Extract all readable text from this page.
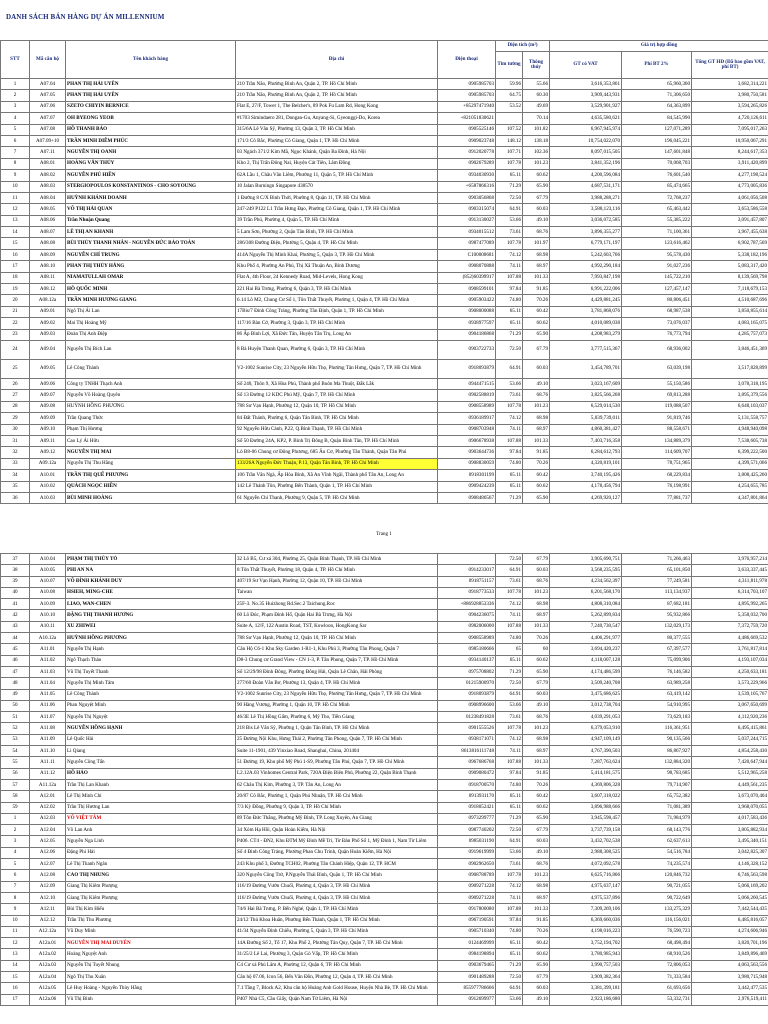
DANH SÁCH BÁN HÀNG DỰ ÁN MILLENNIUM
STT	Mã căn hộ	Tên khách hàng	Địa chỉ	Điện thoại	Diện tích (m²)		Giá trị hợp đồng		
					Tim tường	Thông thủy	GT có VAT	Phí BT 2%	Tổng GT HĐ (Đã bao gồm VAT, phí BT)
1	A07.04	PHAN THỊ HẢI UYÊN	210 Trần Não, Phường Bình An, Quận 2, TP. Hồ Chí Minh	0905985703	59.96	55.66	3,616,353,861	65,960,360	3,682,314,221
2	A07.05	PHAN THỊ HẢI UYÊN	210 Trần Não, Phường Bình An, Quận 2, TP. Hồ Chí Minh	0905985703	64.75	60.30	3,909,443,931	71,306,650	3,980,750,581
3	A07.06	SZETO CHIYIN BERNICE	Flat E, 27/F, Tower 1, The Belcher's, 89 Pok Fu Lam Rd, Hong Kong	+85297471940	53.52	49.69	3,529,901,927	64,363,899	3,594,265,826
4	A07.07	OH BYEONG YEOB	#1703 Simindaero 281, Dongan-Gu, Anyang-Si, Gyeonggi-Do, Korea	+821051830621		70.14	4,635,580,621	84,545,990	4,720,126,611
5	A07.08	HỒ THANH BẢO	315/6A Lê Văn Sỹ, Phường 13, Quận 3, TP. Hồ Chí Minh	0905525146	107.52	101.82	6,967,945,974	127,071,289	7,095,017,263
6	A07.09+10	TRẦN MINH DIỄM PHÚC	171/3 Cô Bắc, Phường Cô Giang, Quận 1, TP. Hồ Chí Minh	0909023748	148.12	138.18	10,754,022,070	196,045,221	10,950,067,291
7	A07.11	NGUYỄN THỊ OANH	03 Ngách 371/2 Kim Mã, Ngọc Khánh, Quận Ba Đình, Hà Nội	0912020778	107.71	102.36	8,097,015,505	147,601,848	8,244,617,353
8	A08.01	HOÀNG VĂN THỦY	Kho 2, Thị Trấn Đông Nai, Huyện Cát Tiên, Lâm Đồng	0902679289	107.78	101.23	3,841,352,196	70,068,703	3,911,420,899
9	A08.02	NGUYỄN PHÚ HIỀN	62A Lầu 1, Châu Văn Liêm, Phường 11, Quận 5, TP. Hồ Chí Minh	0934030930	65.11	60.62	4,200,596,084	76,601,540	4,277,198,524
10	A08.03	STERGIOPOULOS KONSTANTINOS - CHO SOYOUNG	10 Jalan Burningn Singapore 438570	+6587866316	71.29	65.90	4,687,531,171	85,474,665	4,773,005,836
11	A08.04	HUỲNH KHÁNH DOANH	1 Đường 8 C/X Bình Thới, Phường 8, Quận 11, TP. Hồ Chí Minh	0903056868	72.50	67.79	3,988,288,271	72,768,237	4,061,056,508
12	A08.05	VÕ THỊ HẢI QUAN	247-249 P122 L1 Trần Hưng Đạo, Phường Cô Giang, Quận 1, TP. Hồ Chí Minh	0903315074	64.91	60.03	3,588,123,116	65,463,442	3,653,586,558
13	A08.06	Trần Nhuận Quang	39 Trần Phú, Phường 4, Quận 5, TP. Hồ Chí Minh	0913130027	53.66	49.10	3,036,072,585	55,385,222	3,091,457,807
14	A08.07	LÊ THỊ AN KHANH	5 Lam Sơn, Phường 2, Quận Tân Bình, TP. Hồ Chí Minh	0934015512	73.61	68.76	3,896,355,277	71,100,361	3,967,455,638
15	A08.08	BÙI THỦY THANH NHÂN - NGUYỄN ĐỨC BẢO TOÀN	286/308 Đường Điện, Phường 5, Quận 4, TP. Hồ Chí Minh	0987477089	107.78	101.97	6,779,171,197	123,616,462	6,902,787,569
16	A08.09	NGUYỄN CHÍ TRUNG	414A Nguyễn Thị Minh Khai, Phường 5, Quận 3, TP. Hồ Chí Minh	C100000681	74.12	68.98	5,242,603,766	95,578,430	5,338,182,196
17	A08.10	PHAN THỊ THỦY HẰNG	Khu Phố 4, Phường An Phú, Thị Xã Thuận An, Bình Dương	0908070888	74.11	68.97	4,992,290,184	91,027,236	5,083,317,420
18	A08.11	NIAMATULLAH OMAR	Flat A, 4th Floor, 24 Kennedy Road, Mid-Levels, Hong Kong	(852)60399917	107.88	101.33	7,993,847,198	145,722,210	8,139,569,798
19	A08.12	HỒ QUỐC MINH	221 Hai Bà Trưng, Phường 6, Quận 3, TP. Hồ Chí Minh	0908599101	97.84	91.85	6,991,222,006	127,457,147	7,118,679,153
20	A08.12a	TRẦN MINH HƯƠNG GIANG	6.14 Lô M2, Chung Cư Số 1, Tôn Thất Thuyết, Phường 1, Quận 4, TP. Hồ Chí Minh	0905903422	74.80	70.26	4,429,881,245	80,806,451	4,510,687,696
21	A09.01	Ngô Thị Ái Lan	17Bis/7 Đinh Công Tráng, Phường Tân Định, Quận 1, TP. Hồ Chí Minh	0908000088	65.11	60.42	3,781,868,076	68,987,538	3,850,855,614
22	A09.02	Mai Thị Hoàng Mỹ	117/16 Bàn Cờ, Phường 3, Quận 3, TP. Hồ Chí Minh	0938977597	65.11	60.62	4,010,089,038	73,076,037	4,083,165,075
23	A09.03	Đoàn Thị Anh Điệp	86 Ấp Bình Lợi, Xã Đức Tân, Huyện Tân Trụ, Long An	0904186868	71.29	65.90	4,208,983,279	76,773,794	4,285,757,073
24	A09.04	Nguyễn Thị Bích Lan	8 Bà Huyện Thanh Quan, Phường 6, Quận 3, TP. Hồ Chí Minh	0903722733	72.50	67.79	3,777,515,367	68,936,002	3,846,451,369
25	A09.05	Lê Công Thành	V2-1002 Sunrise City, 23 Nguyễn Hữu Thọ, Phường Tân Hưng, Quận 7, TP. Hồ Chí Minh	0918093879	64.91	60.03	3,454,789,701	63,039,198	3,517,828,899
26	A09.06	Công ty TNHH Thạch Anh	Số 240, Thôn 9, Xã Hòa Phú, Thành phố Buôn Ma Thuột, Đắk Lắk	0944471515	53.66	49.10	3,023,167,609	55,150,586	3,078,318,195
27	A09.07	Nguyễn Võ Hoàng Quyên	Số 13 Đường 12 KDC Phú Mỹ, Quận 7, TP. Hồ Chí Minh	0902588819	73.61	68.76	3,825,566,268	69,813,288	3,895,379,556
28	A09.08	HUỲNH HỒNG PHƯƠNG	788 Sư Vạn Hạnh, Phường 12, Quận 10, TP. Hồ Chí Minh	0908558989	107.78	101.23	6,529,014,530	119,088,507	6,648,103,037
29	A09.09	Trần Quang Thức	84 Đất Thánh, Phường 6, Quận Tân Bình, TP. Hồ Chí Minh	0936189917	74.12	68.98	5,039,739,011	91,819,746	5,131,558,757
30	A09.10	Phạm Thị Hương	92 Nguyễn Hữu Cảnh, P.22, Q.Bình Thạnh, TP. Hồ Chí Minh	0908703948	74.11	68.97	4,860,381,427	88,558,671	4,948,940,098
31	A09.11	Cao Lý Ái Hữu	Số 50 Đường 24A, KP2, P. Bình Trị Đông B, Quận Bình Tân, TP. Hồ Chí Minh	0906678938	107.88	101.33	7,403,716,358	134,889,379	7,538,605,738
32	A09.12	NGUYỄN THỊ MAI	Lô B8-06 Chung cư Đông Phương, 685 Âu Cơ, Phường Tân Thành, Quận Tân Phú	0903644736	97.84	91.85	6,284,612,793	114,609,707	6,399,222,500
33	A09.12a	Nguyễn Thị Thu Hằng	133/26A Nguyễn Đức Thuận, P.13, Quận Tân Bình, TP. Hồ Chí Minh	0908830059	74.80	70.26	4,320,819,101	78,751,965	4,399,571,066
34	A10.01	TRẦN THỊ QUẾ PHƯƠNG	106 Trần Văn Ngà, Ấp Hòa Bình, Xã An Vĩnh Ngãi, Thành phố Tân An, Long An	0918301199	65.11	60.42	3,740,195,426	68,229,834	3,808,425,260
35	A10.02	QUÁCH NGỌC HIỀN	142 Lê Thánh Tôn, Phường Bến Thành, Quận 1, TP. Hồ Chí Minh	0909424239	65.11	60.62	4,178,456,794	76,198,991	4,254,655,785
36	A10.03	BÙI MINH HOÀNG	61 Nguyễn Chí Thanh, Phường 9, Quận 5, TP. Hồ Chí Minh	0908486567	71.29	65.90	4,269,920,127	77,881,737	4,347,801,864
Trang 1
37	A10.04	PHẠM THỊ THÙY TỎ	32 Lô B5, Cư xá 304, Phường 25, Quận Bình Thạnh, TP. Hồ Chí Minh		72.50	67.79	3,905,690,751	71,266,463	3,976,957,214
38	A10.05	PHI AN NA	8 Tôn Thất Thuyết, Phường 18, Quận 4, TP. Hồ Chí Minh	0914233017	64.91	60.03	3,568,235,595	65,101,850	3,633,337,445
39	A10.07	VÕ ĐÌNH KHÁNH DUY	407/19 Sư Vạn Hạnh, Phường 12, Quận 10, TP. Hồ Chí Minh	0918751157	73.61	68.76	4,234,562,397	77,249,581	4,311,811,978
40	A10.08	HSIEH, MING-CHE	Taiwan	0918773533	107.78	101.23	6,201,568,170	113,134,937	6,314,703,107
41	A10.09	LIAO, WAN-CHEN	25F-3. No.35 Huizhong Rd.Sec.2 Taichung.Roc	+886928853336	74.12	68.98	4,808,310,084	87,682,181	4,895,992,265
42	A10.10	ĐẶNG THỊ THANH HƯƠNG	60 Lô Đúc, Phạm Đình Hổ, Quận Hai Bà Trưng, Hà Nội	0904236075	74.11	68.97	5,262,899,834	95,932,866	5,358,032,700
43	A10.11	XU ZHIWEI	Suite A, 12/F, 122 Austin Road, TST, Kowloon, HongKong Sar	0982006000	107.88	101.33	7,240,730,547	132,029,173	7,372,759,720
44	A10.12a	HUỲNH HỒNG PHƯƠNG	788 Sư Vạn Hạnh, Phường 12, Quận 10, TP. Hồ Chí Minh	0908558989	74.80	70.26	4,406,291,977	80,377,555	4,486,669,532
45	A11.01	Nguyễn Thị Hạnh	Căn Hộ C6-1 Khu Sky Garden 1-R1-1, Khu Phú 3, Phường Tân Phong, Quận 7	0985180666	65	60	3,694,420,237	67,397,577	3,761,817,814
46	A11.02	Ngô Thạch Thảo	D8-3 Chung cư Grand View - CN 1-3, P. Tân Phong, Quận 7, TP. Hồ Chí Minh	0934140137	65.11	60.62	4,118,007,128	75,099,906	4,193,107,034
47	A11.03	Vũ Thị Tuyết Thanh	Số 12/29/98 Đinh Đông, Phường Đông Hải, Quận Lê Chân, Hải Phòng	0975708802	71.29	65.90	4,174,486,599	76,146,582	4,250,633,181
48	A11.04	Nguyễn Thị Minh Tâm	277/60 Đoàn Văn Bơ, Phường 13, Quận 4, TP. Hồ Chí Minh	01215900970	72.50	67.79	3,509,240,708	63,989,258	3,573,229,966
49	A11.05	Lê Công Thành	V2-1002 Sunrise City, 23 Nguyễn Hữu Thọ, Phường Tân Hưng, Quận 7, TP. Hồ Chí Minh	0918093879	64.91	60.03	3,475,686,625	63,419,142	3,539,105,767
50	A11.06	Phan Nguyệt Minh	90 Hàng Vương, Phường 1, Quận 10, TP. Hồ Chí Minh	0908996600	53.66	49.10	3,012,738,704	54,910,995	3,067,650,699
51	A11.07	Nguyễn Thị Nguyệt	46/3E Lê Thị Hồng Gấm, Phường 6, Mỹ Tho, Tiền Giang	01238491828	73.61	68.76	4,039,291,053	73,629,183	4,112,920,236
52	A11.08	NGUYỄN HỒNG HẠNH	218 Bis Lê Văn Sỹ, Phường 1, Quận Tân Bình, TP. Hồ Chí Minh	0901555526	107.78	101.23	6,379,053,910	116,361,951	6,495,415,861
53	A11.09	Lê Quốc Hải	25 Đường Nội Khu, Hưng Thái 2, Phường Tân Phong, Quận 7, TP. Hồ Chí Minh	0938171071	74.12	68.98	4,947,109,149	90,135,566	5,037,244,715
54	A11.10	Li Qiang	Suite 11-1901, 439 Yinxiao Road, Shanghai, China, 201404	8613816111748	74.11	68.97	4,767,390,503	86,867,927	4,854,258,430
55	A11.11	Nguyễn Công Tấn	51 Đường 19, Khu phố Mỹ Phú 1-S9, Phường Tân Phú, Quận 7, TP. Hồ Chí Minh	0967686768	107.88	101.33	7,287,763,624	132,884,320	7,420,647,944
56	A11.12	HỒ HẢO	L2.12A.03 Vinhomes Central Park, 720A Điện Biên Phủ, Phường 22, Quận Bình Thạnh	0909080472	97.84	91.85	5,414,181,575	98,783,685	5,512,965,258
57	A11.12a	Trần Thị Lan Khanh	62 Châu Thị Kim, Phường 3, TP. Tân An, Long An	0918700570	74.80	70.26	4,369,806,328	79,714,907	4,449,561,235
58	A12.01	Lê Thị Minh Chi	20/87 Cô Bắc, Phường 1, Quận Phú Nhuận, TP. Hồ Chí Minh	0913931170	65.11	60.42	3,607,318,022	65,752,382	3,673,070,404
59	A12.02	Trần Thị Hương Lan	7/3 Kỳ Đồng, Phường 9, Quận 3, TP. Hồ Chí Minh	0918052421	65.11	60.62	3,896,988,666	71,081,389	3,968,070,055
1	A12.03	VÕ VIỆT TÂM	89 Tôn Đức Thắng, Phường Mỹ Bình, TP. Long Xuyên, An Giang	0973299777	71.29	65.90	3,945,598,457	71,984,979	4,017,583,436
2	A12.04	Võ Lan Anh	34 Xóm Hạ Hồi, Quận Hoàn Kiếm, Hà Nội	0987740202	72.50	67.79	3,737,739,158	68,143,776	3,805,882,934
3	A12.05	Nguyễn Nga Linh	P406. CT4 - ĐN2, Khu ĐTM Mỹ Đình Mễ Trì, Từ Đàn Phố Số 1, Mỹ Đình 1, Nam Từ Liêm	0985031190	64.91	60.03	3,432,702,538	62,637,613	3,495,340,151
4	A12.06	Đặng Phi Hải	Số 4 Đinh Công Tráng, Phường Phan Chu Trinh, Quận Hoàn Kiếm, Hà Nội	0919619999	53.66	49.10	2,988,308,525	54,516,784	3,042,825,307
5	A12.07	Lê Thị Thanh Ngân	243 Khu phố 3, Đường TCH02, Phường Tân Chánh Hiệp, Quận 12, TP. HCM	0902962650	73.61	68.76	4,072,092,578	74,235,574	4,146,328,152
6	A12.08	CAO THỊ NHUNG	320 Nguyễn Công Trứ, P.Nguyễn Thái Bình, Quận 1, TP. Hồ Chí Minh	0908788789	107.78	101.23	6,625,716,866	120,846,732	6,746,563,598
7	A12.09	Giang Thị Kiêm Phượng	116/19 Đường Vườn Chuối, Phường 4, Quận 3, TP. Hồ Chí Minh	0909271228	74.12	68.98	4,975,637,147	90,721,055	5,066,169,202
8	A12.10	Giang Thị Kiêm Phượng	116/19 Đường Vườn Chuối, Phường 4, Quận 3, TP. Hồ Chí Minh	0909271228	74.11	68.97	4,975,537,896	90,722,649	5,066,260,545
9	A12.11	Bùi Thị Kim Hiếu	74/6 Hai Bà Trưng, P. Bến Nghé, Quận 1, TP. Hồ Chí Minh	0917800080	107.88	101.33	7,309,269,106	133,275,329	7,442,544,435
10	A12.12	Trần Thị Thu Phương	24/12 Thủ Khoa Huân, Phường Bến Thành, Quận 1, TP. Hồ Chí Minh	0967190591	97.84	91.85	6,369,660,036	116,156,021	6,485,816,057
11	A12.12a	Vũ Duy Minh	41/34 Nguyễn Đình Chiểu, Phường 5, Quận 3, TP. Hồ Chí Minh	0905710340	74.80	70.26	4,198,016,223	76,590,723	4,274,606,946
12	A12a.01	NGUYỄN THỊ MAI DUYÊN	14A Đường Số 2, Tổ 17, Khu Phố 2, Phường Tân Quy, Quận 7, TP. Hồ Chí Minh	0124469999	65.11	60.42	3,752,194,702	68,498,494	3,820,701,196
13	A12a.02	Hoàng Nguyệt Anh	31/25/2 Lê Lai, Phường 3, Quận Gò Vấp, TP. Hồ Chí Minh	0984198894	65.11	60.62	3,780,985,943	68,910,526	3,849,896,469
14	A12a.03	Nguyễn Thị Tuyết Nhung	C4 Cư xá Phú Lâm A, Phường 12, Quận 6, TP. Hồ Chí Minh	0903679465	71.29	65.90	3,990,757,503	72,806,053	4,063,563,556
15	A12a.04	Ngô Thị Thu Xuân	Căn hộ 07.06, Icon 56, Bến Vân Đồn, Phường 12, Quận 4, TP. Hồ Chí Minh	0901489288	72.50	67.79	3,909,382,364	71,333,584	3,980,715,948
16	A12a.05	Lê Huy Hoàng - Nguyễn Thùy Hằng	7.1 Tầng 7, Block A2, Khu căn hộ Hoàng Anh Gold House, Huyện Nhà Bè, TP. Hồ Chí Minh	855977786666	64.91	60.03	3,381,399,181	61,693,656	3,442,477,535
17	A12a.06	Vũ Thị Bình	P407 Nhà C5, Cầu Giấy, Quận Nam Từ Liêm, Hà Nội	0912699977	53.66	49.10	2,923,186,680	53,332,731	2,976,519,411
